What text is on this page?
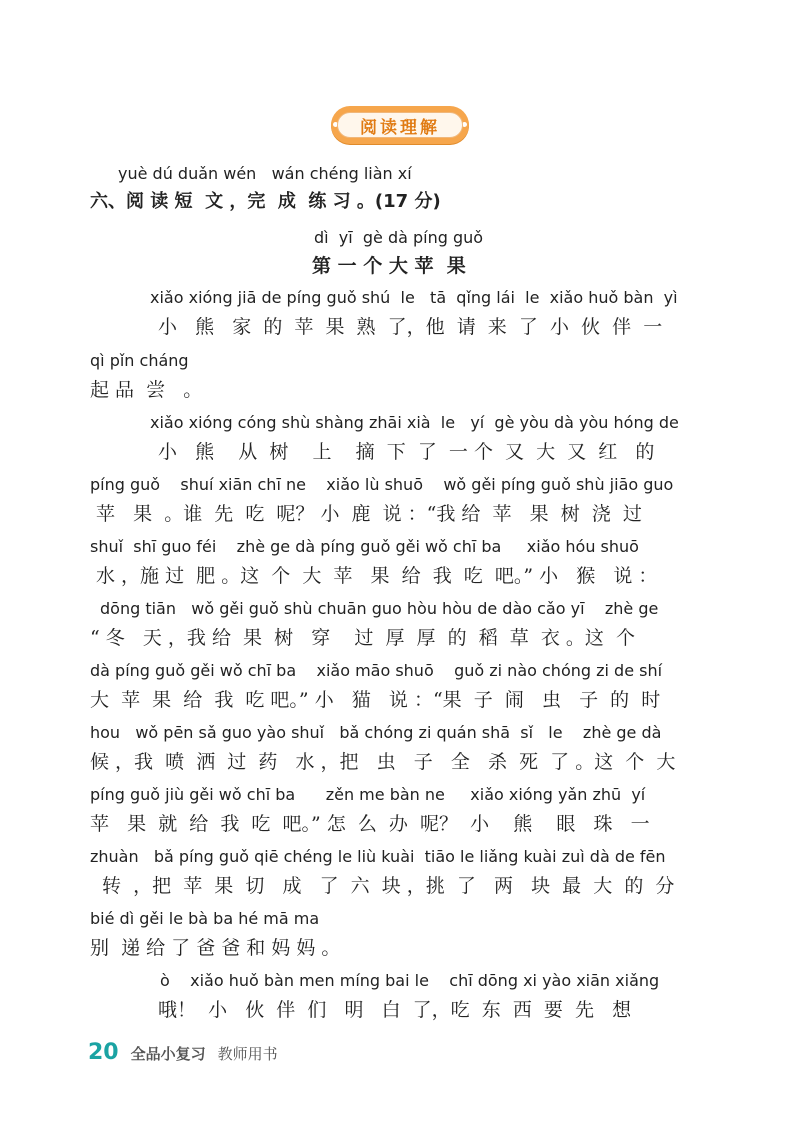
阅读理解
yuè dú duǎn wén   wán chéng liàn xí
六、阅 读 短  文 ，完  成  练 习 。(17 分)
dì  yī  gè dà píng guǒ
第 一 个 大 苹  果
xiǎo xióng jiā de píng guǒ shú  le   tā  qǐng lái  le  xiǎo huǒ bàn  yì
小   熊   家  的  苹  果  熟  了，他  请  来  了  小  伙  伴  一
qì pǐn cháng
起 品  尝   。
xiǎo xióng cóng shù shàng zhāi xià  le   yí  gè yòu dà yòu hóng de
小   熊    从  树    上    摘  下  了  一 个  又  大  又  红   的
píng guǒ    shuí xiān chī ne    xiǎo lù shuō    wǒ gěi píng guǒ shù jiāo guo
苹   果  。谁  先  吃  呢？ 小  鹿  说 ：“我 给  苹   果  树  浇  过
shuǐ  shī guo féi    zhè ge dà píng guǒ gěi wǒ chī ba     xiǎo hóu shuō
水 ，施 过  肥 。这  个  大  苹   果  给  我  吃  吧。” 小   猴   说 ：
dōng tiān   wǒ gěi guǒ shù chuān guo hòu hòu de dào cǎo yī    zhè ge
“ 冬   天 ，我 给  果  树   穿    过  厚  厚  的  稻  草  衣 。这  个
dà píng guǒ gěi wǒ chī ba    xiǎo māo shuō    guǒ zi nào chóng zi de shí
大  苹  果  给  我  吃 吧。” 小   猫   说 ：“果  子  闹   虫   子  的  时
hou   wǒ pēn sǎ guo yào shuǐ   bǎ chóng zi quán shā  sǐ   le    zhè ge dà
候 ，我  喷  洒  过  药   水 ，把   虫   子   全   杀  死  了 。这  个  大
píng guǒ jiù gěi wǒ chī ba      zěn me bàn ne     xiǎo xióng yǎn zhū  yí
苹   果  就  给  我  吃  吧。” 怎  么  办  呢？  小    熊    眼   珠   一
zhuàn   bǎ píng guǒ qiē chéng le liù kuài  tiāo le liǎng kuài zuì dà de fēn
转  ，把  苹  果  切   成   了  六  块 ，挑  了   两   块  最  大  的  分
bié dì gěi le bà ba hé mā ma
别  递 给 了 爸 爸 和 妈 妈 。
ò    xiǎo huǒ bàn men míng bai le    chī dōng xi yào xiān xiǎng
哦！  小   伙  伴  们   明   白  了，吃  东  西  要  先   想
20 全品小复习 教师用书
